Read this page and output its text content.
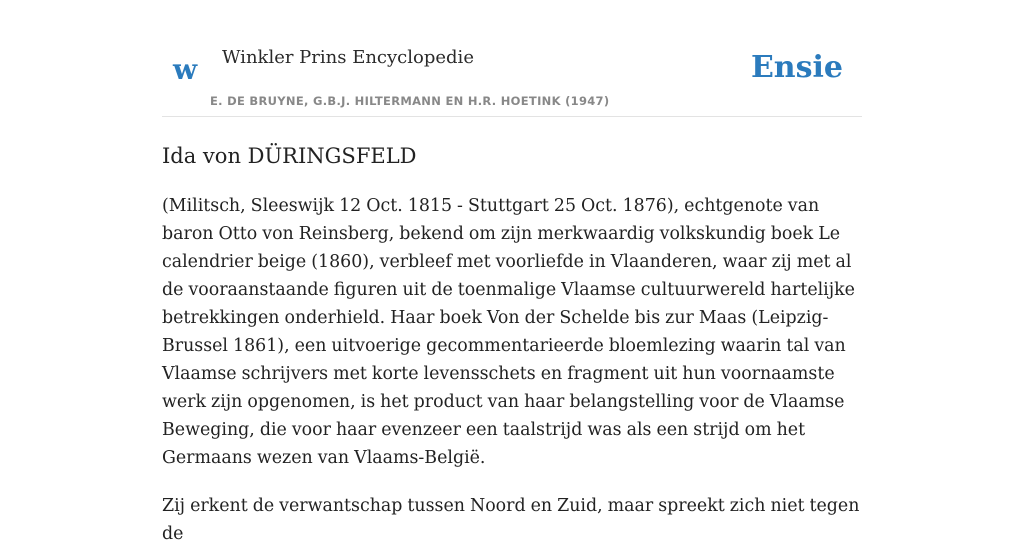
w Winkler Prins Encyclopedie
E. DE BRUYNE, G.B.J. HILTERMANN EN H.R. HOETINK (1947)
Ensie
Ida von DÜRINGSFELD

(Militsch, Sleeswijk 12 Oct. 1815 - Stuttgart 25 Oct. 1876), echtgenote van baron Otto von Reinsberg, bekend om zijn merkwaardig volkskundig boek Le calendrier beige (1860), verbleef met voorliefde in Vlaanderen, waar zij met al de vooraanstaande figuren uit de toenmalige Vlaamse cultuurwereld hartelijke betrekkingen onderhield. Haar boek Von der Schelde bis zur Maas (Leipzig-Brussel 1861), een uitvoerige gecommentarieerde bloemlezing waarin tal van Vlaamse schrijvers met korte levensschets en fragment uit hun voornaamste werk zijn opgenomen, is het product van haar belangstelling voor de Vlaamse Beweging, die voor haar evenzeer een taalstrijd was als een strijd om het Germaans wezen van Vlaams-België.

Zij erkent de verwantschap tussen Noord en Zuid, maar spreekt zich niet tegen de
